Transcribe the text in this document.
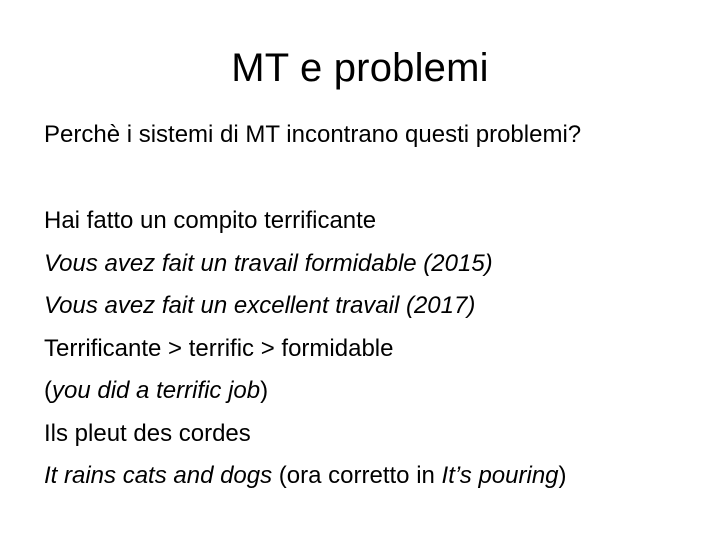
MT e problemi
Perchè i sistemi di MT incontrano questi problemi?
Hai fatto un compito terrificante
Vous avez fait un travail formidable (2015)
Vous avez fait un excellent travail (2017)
Terrificante > terrific > formidable
(you did a terrific job)
Ils pleut des cordes
It rains cats and dogs (ora corretto in It’s pouring)
